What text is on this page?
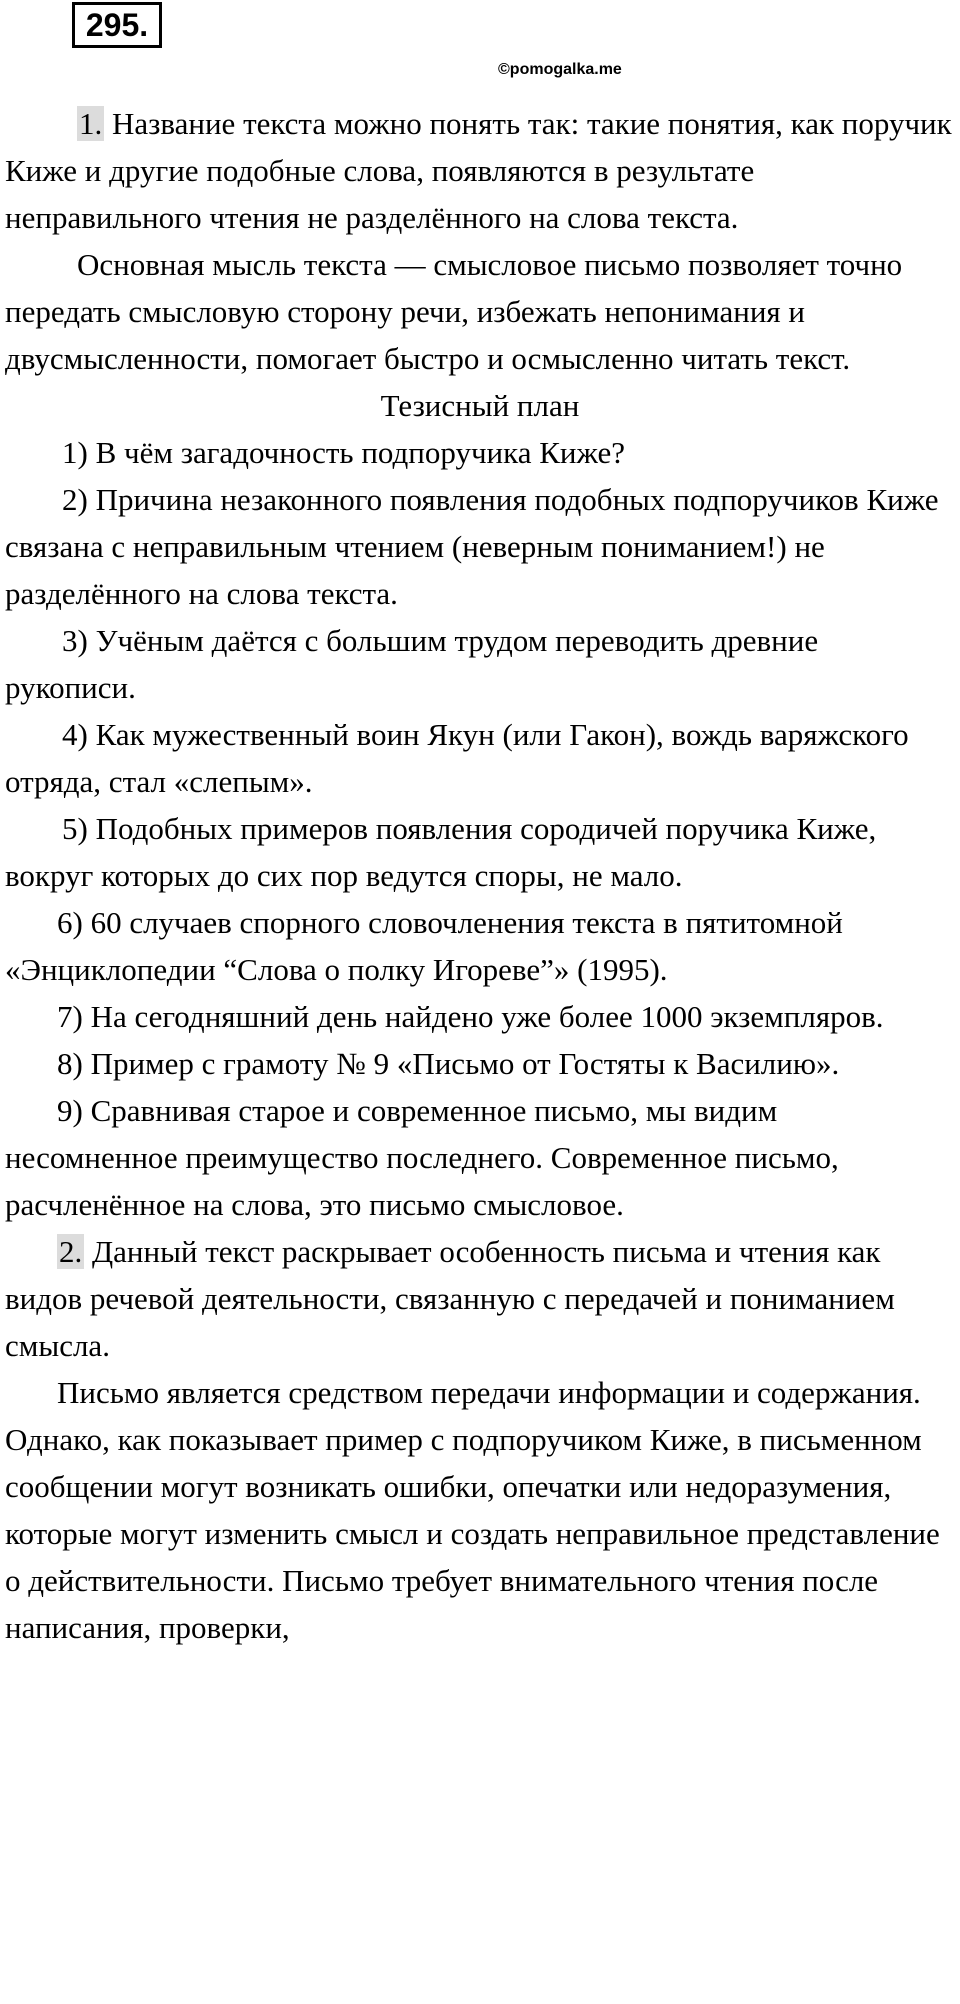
295.
©pomogalka.me

1. Название текста можно понять так: такие понятия, как поручик Киже и другие подобные слова, появляются в результате неправильного чтения не разделённого на слова текста.

Основная мысль текста — смысловое письмо позволяет точно передать смысловую сторону речи, избежать непонимания и двусмысленности, помогает быстро и осмысленно читать текст.

Тезисный план

1) В чём загадочность подпоручика Киже?

2) Причина незаконного появления подобных подпоручиков Киже связана с неправильным чтением (неверным пониманием!) не разделённого на слова текста.

3) Учёным даётся с большим трудом переводить древние рукописи.

4) Как мужественный воин Якун (или Гакон), вождь варяжского отряда, стал «слепым».

5) Подобных примеров появления сородичей поручика Киже, вокруг которых до сих пор ведутся споры, не мало.

6) 60 случаев спорного словочленения текста в пятитомной «Энциклопедии “Слова о полку Игореве”» (1995).

7) На сегодняшний день найдено уже более 1000 экземпляров.

8) Пример с грамоту № 9 «Письмо от Гостяты к Василию».

9) Сравнивая старое и современное письмо, мы видим несомненное преимущество последнего. Современное письмо, расчленённое на слова, это письмо смысловое.

2. Данный текст раскрывает особенность письма и чтения как видов речевой деятельности, связанную с передачей и пониманием смысла.

Письмо является средством передачи информации и содержания. Однако, как показывает пример с подпоручиком Киже, в письменном сообщении могут возникать ошибки, опечатки или недоразумения, которые могут изменить смысл и создать неправильное представление о действительности. Письмо требует внимательного чтения после написания, проверки,
